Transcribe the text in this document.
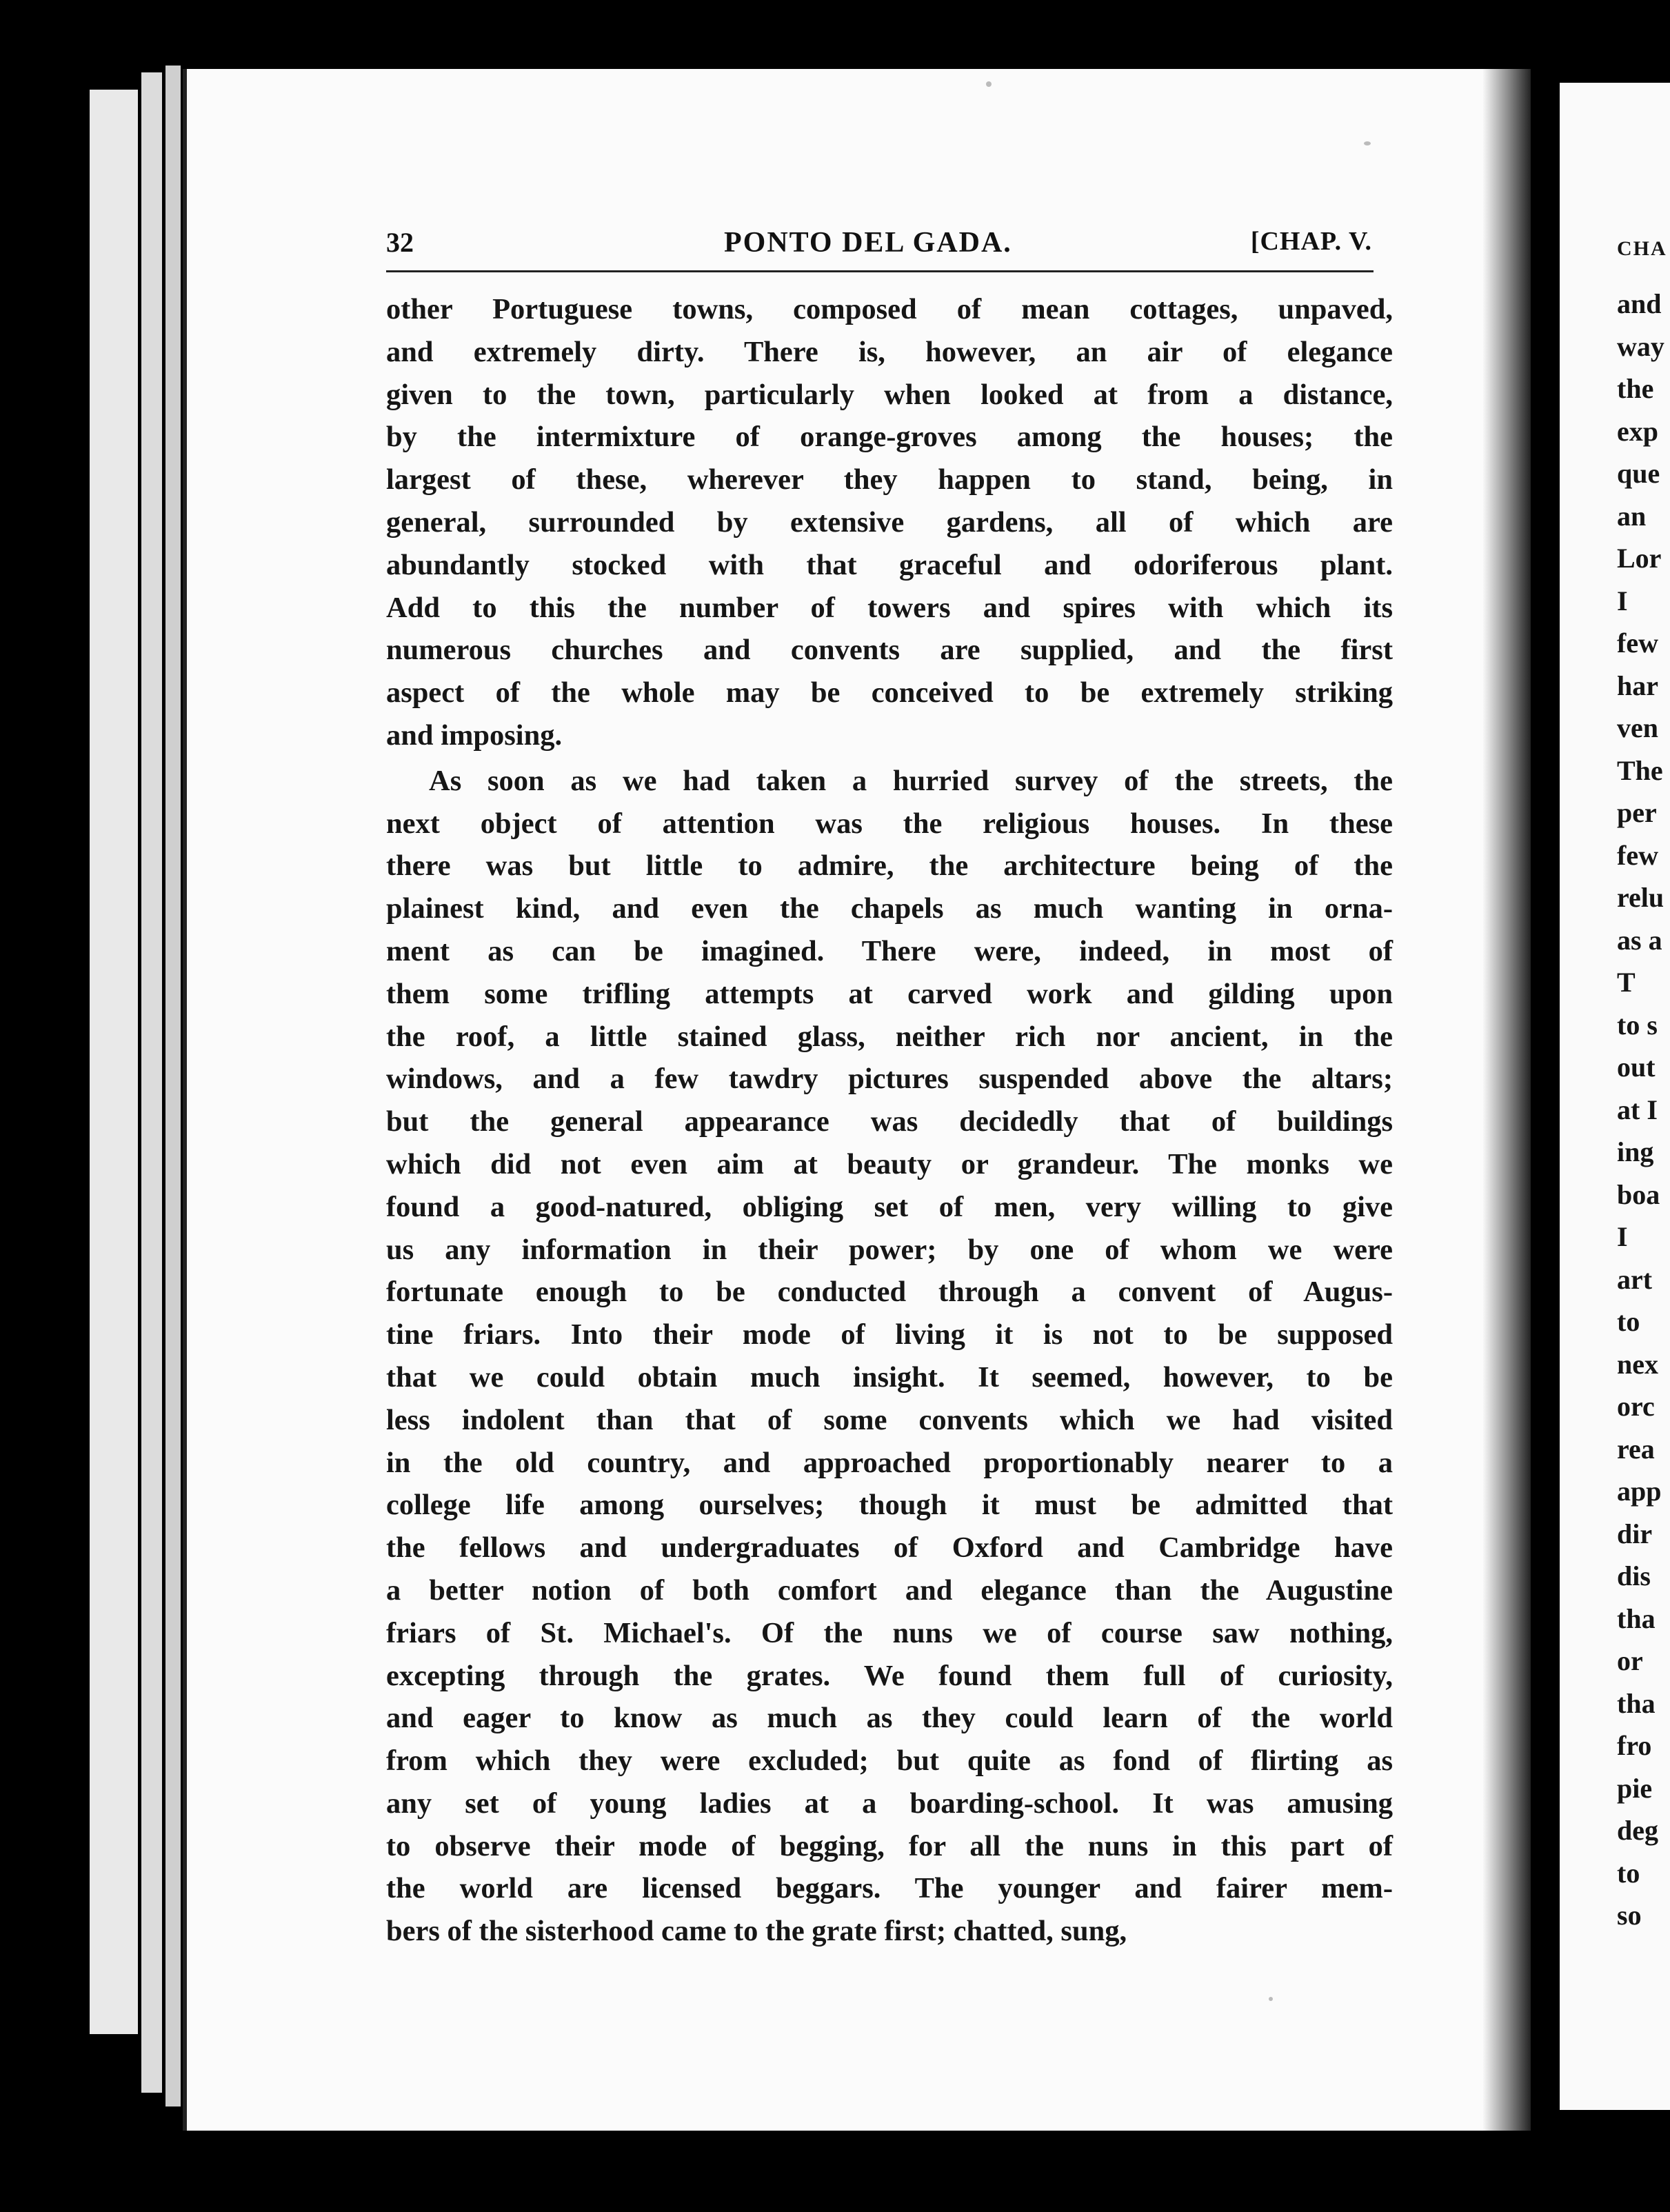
32	PONTO DEL GADA.	[CHAP. V.
other Portuguese towns, composed of mean cottages, unpaved,
and extremely dirty. There is, however, an air of elegance
given to the town, particularly when looked at from a distance,
by the intermixture of orange-groves among the houses; the
largest of these, wherever they happen to stand, being, in
general, surrounded by extensive gardens, all of which are
abundantly stocked with that graceful and odoriferous plant.
Add to this the number of towers and spires with which its
numerous churches and convents are supplied, and the first
aspect of the whole may be conceived to be extremely striking
and imposing.
As soon as we had taken a hurried survey of the streets, the
next object of attention was the religious houses. In these
there was but little to admire, the architecture being of the
plainest kind, and even the chapels as much wanting in orna-
ment as can be imagined. There were, indeed, in most of
them some trifling attempts at carved work and gilding upon
the roof, a little stained glass, neither rich nor ancient, in the
windows, and a few tawdry pictures suspended above the altars;
but the general appearance was decidedly that of buildings
which did not even aim at beauty or grandeur. The monks we
found a good-natured, obliging set of men, very willing to give
us any information in their power; by one of whom we were
fortunate enough to be conducted through a convent of Augus-
tine friars. Into their mode of living it is not to be supposed
that we could obtain much insight. It seemed, however, to be
less indolent than that of some convents which we had visited
in the old country, and approached proportionably nearer to a
college life among ourselves; though it must be admitted that
the fellows and undergraduates of Oxford and Cambridge have
a better notion of both comfort and elegance than the Augustine
friars of St. Michael's. Of the nuns we of course saw nothing,
excepting through the grates. We found them full of curiosity,
and eager to know as much as they could learn of the world
from which they were excluded; but quite as fond of flirting as
any set of young ladies at a boarding-school. It was amusing
to observe their mode of begging, for all the nuns in this part of
the world are licensed beggars. The younger and fairer mem-
bers of the sisterhood came to the grate first; chatted, sung,
CHA
and
way
the
exp
que
an
Lor
I
few
har
ven
The
per
few
relu
as a
T
to s
out
at I
ing
boa
I
art
to
nex
orc
rea
app
dir
dis
tha
or
tha
fro
pie
deg
to
so
